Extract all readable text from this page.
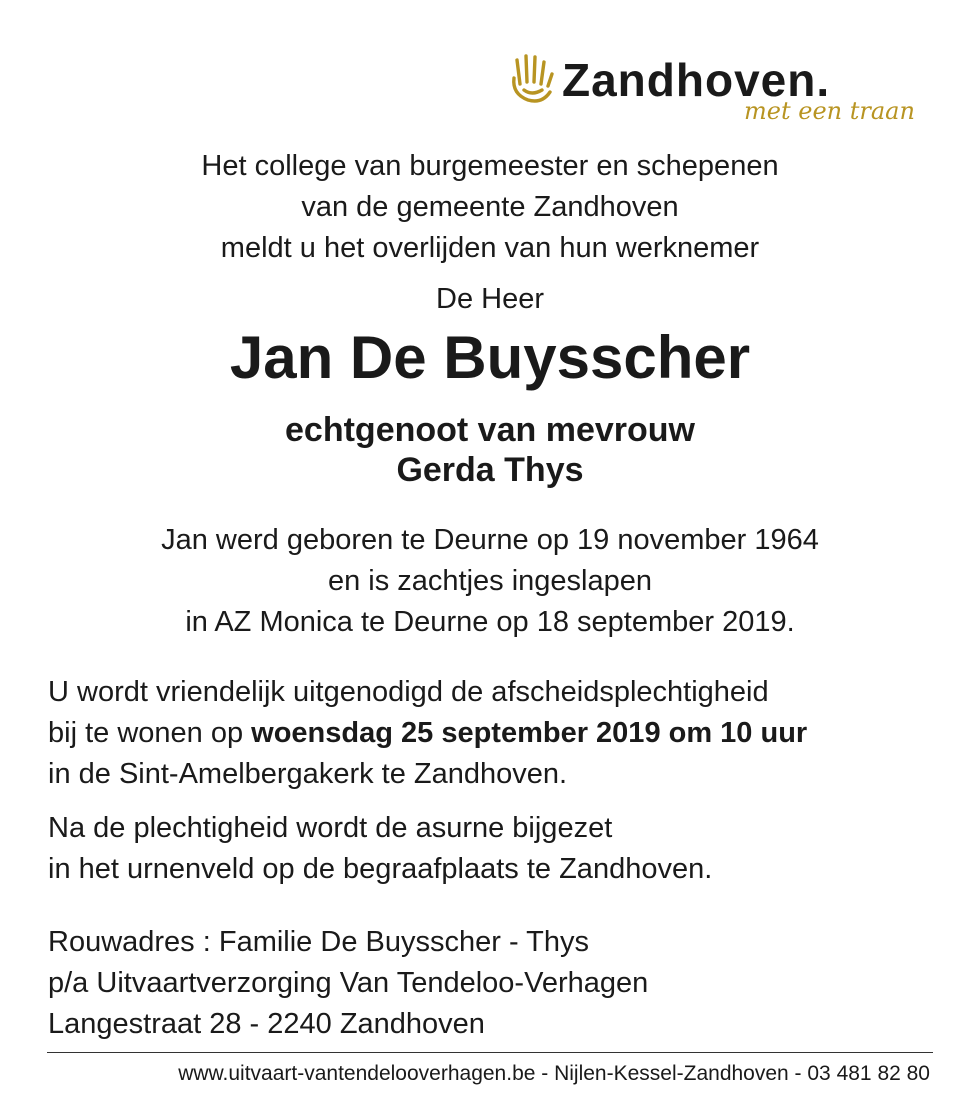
Zandhoven.
met een traan
Het college van burgemeester en schepenen
van de gemeente Zandhoven
meldt u het overlijden van hun werknemer
De Heer
Jan De Buysscher
echtgenoot van mevrouw
Gerda Thys
Jan werd geboren te Deurne op 19 november 1964
en is zachtjes ingeslapen
in AZ Monica te Deurne op 18 september 2019.
U wordt vriendelijk uitgenodigd de afscheidsplechtigheid
bij te wonen op woensdag 25 september 2019 om 10 uur
in de Sint-Amelbergakerk te Zandhoven.
Na de plechtigheid wordt de asurne bijgezet
in het urnenveld op de begraafplaats te Zandhoven.
Rouwadres : Familie De Buysscher - Thys
p/a Uitvaartverzorging Van Tendeloo-Verhagen
Langestraat 28 - 2240 Zandhoven
www.uitvaart-vantendelooverhagen.be - Nijlen-Kessel-Zandhoven - 03 481 82 80
